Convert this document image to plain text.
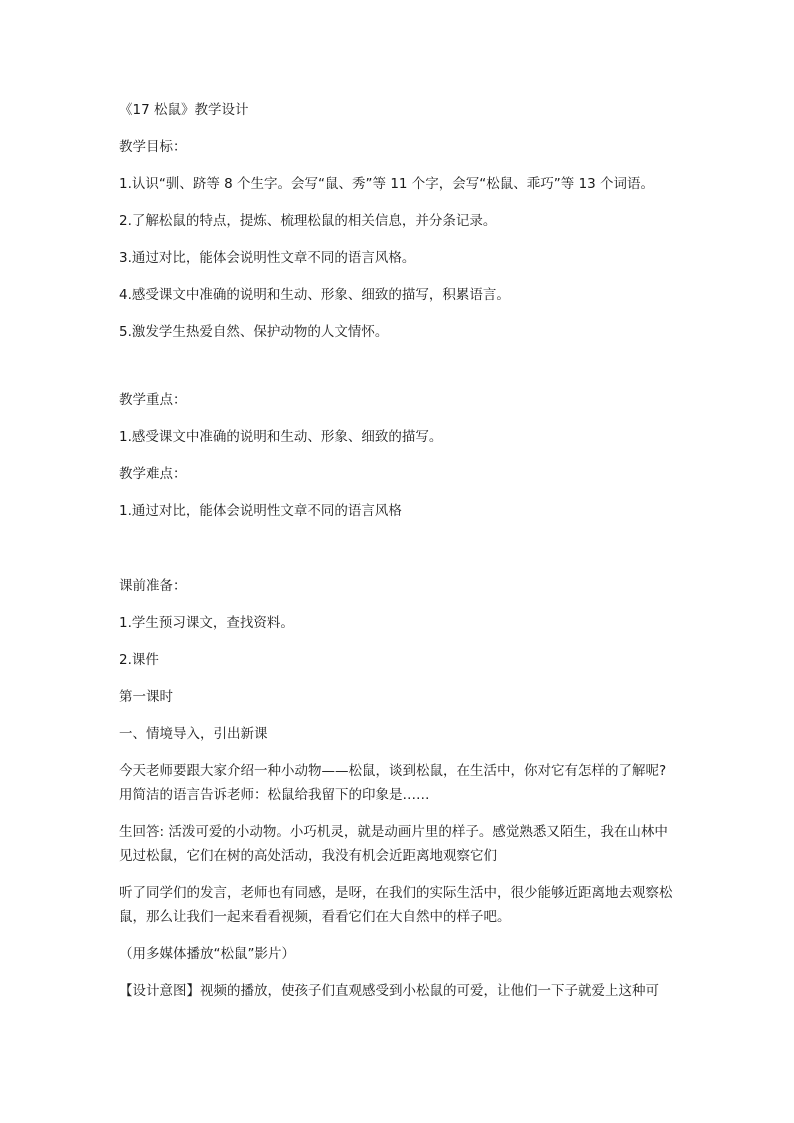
《17 松鼠》教学设计

教学目标：

1.认识“驯、跻等 8 个生字。会写“鼠、秀”等 11 个字，会写“松鼠、乖巧”等 13 个词语。

2.了解松鼠的特点，提炼、梳理松鼠的相关信息，并分条记录。

3.通过对比，能体会说明性文章不同的语言风格。

4.感受课文中准确的说明和生动、形象、细致的描写，积累语言。

5.激发学生热爱自然、保护动物的人文情怀。

教学重点：

1.感受课文中准确的说明和生动、形象、细致的描写。

教学难点：

1.通过对比，能体会说明性文章不同的语言风格

课前准备：

1.学生预习课文，查找资料。

2.课件

第一课时

一、情境导入，引出新课

今天老师要跟大家介绍一种小动物——松鼠，谈到松鼠，在生活中，你对它有怎样的了解呢?用简洁的语言告诉老师：松鼠给我留下的印象是……

生回答: 活泼可爱的小动物。小巧机灵，就是动画片里的样子。感觉熟悉又陌生，我在山林中见过松鼠，它们在树的高处活动，我没有机会近距离地观察它们

听了同学们的发言，老师也有同感，是呀，在我们的实际生活中，很少能够近距离地去观察松鼠，那么让我们一起来看看视频，看看它们在大自然中的样子吧。

（用多媒体播放“松鼠”影片）

【设计意图】视频的播放，使孩子们直观感受到小松鼠的可爱，让他们一下子就爱上这种可
